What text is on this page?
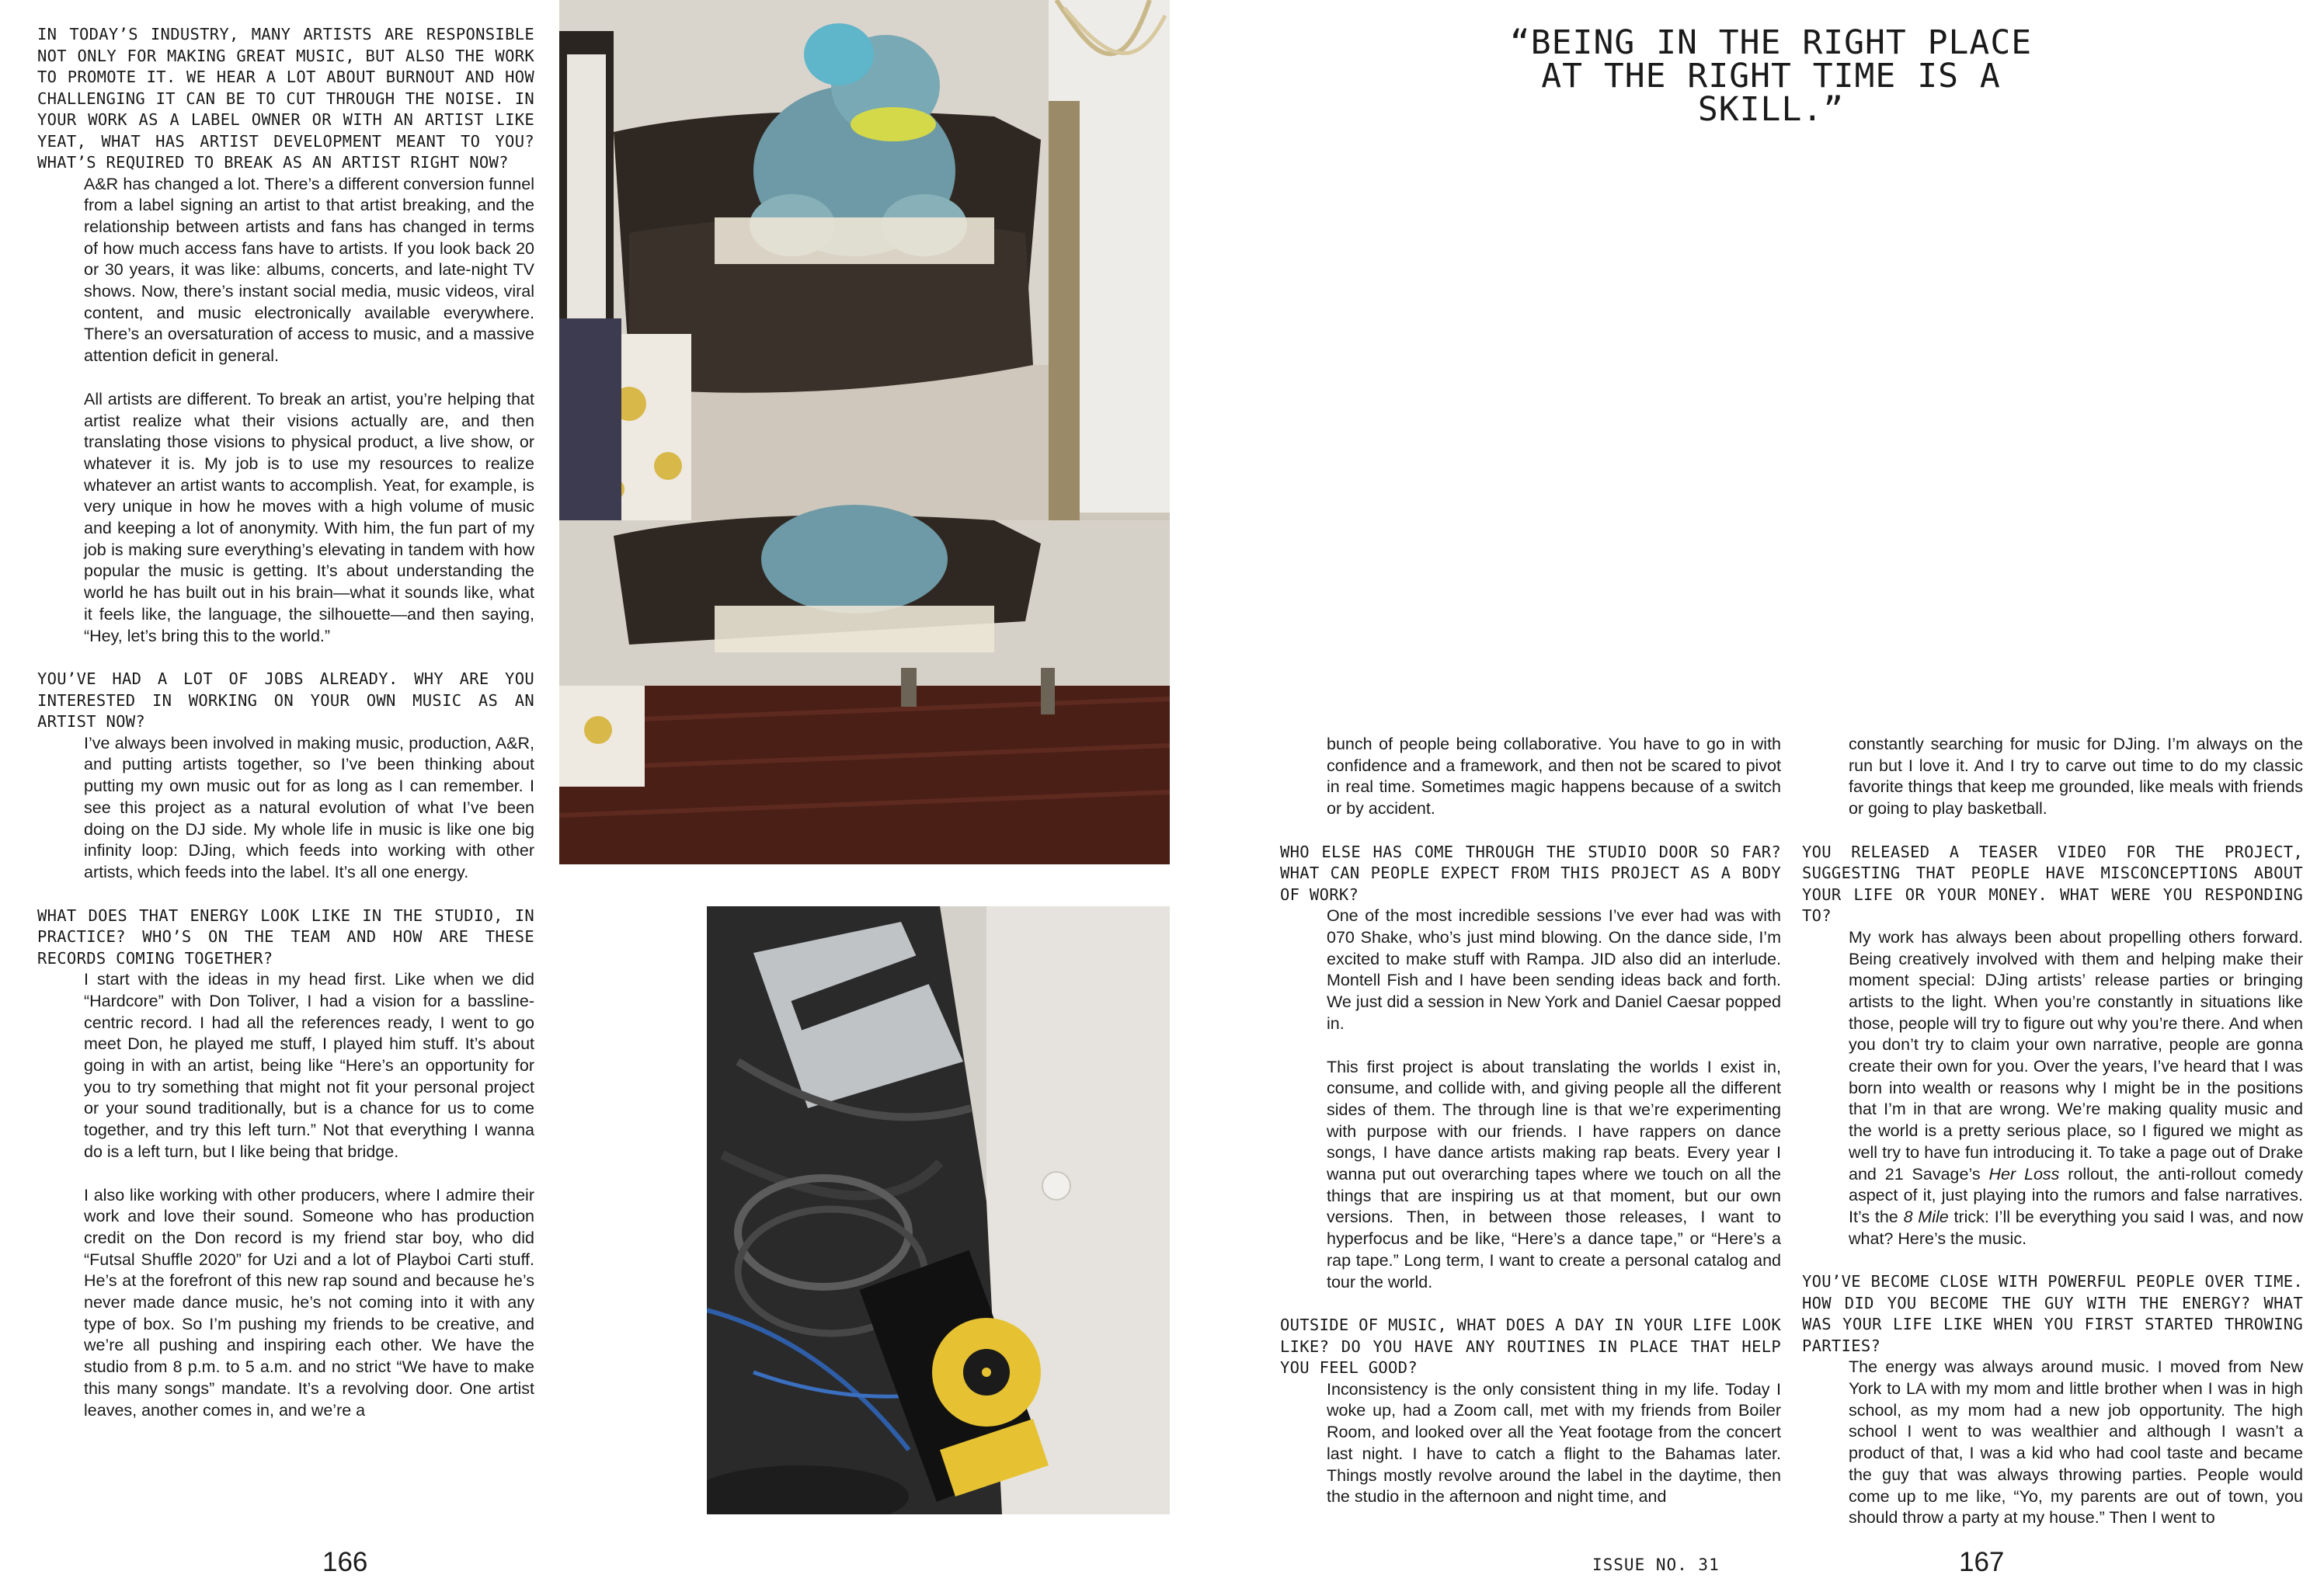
IN TODAY’S INDUSTRY, MANY ARTISTS ARE RESPONSIBLE NOT ONLY FOR MAKING GREAT MUSIC, BUT ALSO THE WORK TO PROMOTE IT. WE HEAR A LOT ABOUT BURNOUT AND HOW CHALLENGING IT CAN BE TO CUT THROUGH THE NOISE. IN YOUR WORK AS A LABEL OWNER OR WITH AN ARTIST LIKE YEAT, WHAT HAS ARTIST DEVELOPMENT MEANT TO YOU? WHAT’S REQUIRED TO BREAK AS AN ARTIST RIGHT NOW?

A&R has changed a lot. There’s a different conversion funnel from a label signing an artist to that artist breaking, and the relationship between artists and fans has changed in terms of how much access fans have to artists. If you look back 20 or 30 years, it was like: albums, concerts, and late-night TV shows. Now, there’s instant social media, music videos, viral content, and music electronically available everywhere. There’s an oversaturation of access to music, and a massive attention deficit in general.

All artists are different. To break an artist, you’re helping that artist realize what their visions actually are, and then translating those visions to physical product, a live show, or whatever it is. My job is to use my resources to realize whatever an artist wants to accomplish. Yeat, for example, is very unique in how he moves with a high volume of music and keeping a lot of anonymity. With him, the fun part of my job is making sure everything’s elevating in tandem with how popular the music is getting. It’s about understanding the world he has built out in his brain—what it sounds like, what it feels like, the language, the silhouette—and then saying, “Hey, let’s bring this to the world.”

YOU’VE HAD A LOT OF JOBS ALREADY. WHY ARE YOU INTERESTED IN WORKING ON YOUR OWN MUSIC AS AN ARTIST NOW?

I’ve always been involved in making music, production, A&R, and putting artists together, so I’ve been thinking about putting my own music out for as long as I can remember. I see this project as a natural evolution of what I’ve been doing on the DJ side. My whole life in music is like one big infinity loop: DJing, which feeds into working with other artists, which feeds into the label. It’s all one energy.

WHAT DOES THAT ENERGY LOOK LIKE IN THE STUDIO, IN PRACTICE? WHO’S ON THE TEAM AND HOW ARE THESE RECORDS COMING TOGETHER?

I start with the ideas in my head first. Like when we did “Hardcore” with Don Toliver, I had a vision for a bassline-centric record. I had all the references ready, I went to go meet Don, he played me stuff, I played him stuff. It’s about going in with an artist, being like “Here’s an opportunity for you to try something that might not fit your personal project or your sound traditionally, but is a chance for us to come together, and try this left turn.” Not that everything I wanna do is a left turn, but I like being that bridge.

I also like working with other producers, where I admire their work and love their sound. Someone who has production credit on the Don record is my friend star boy, who did “Futsal Shuffle 2020” for Uzi and a lot of Playboi Carti stuff. He’s at the forefront of this new rap sound and because he’s never made dance music, he’s not coming into it with any type of box. So I’m pushing my friends to be creative, and we’re all pushing and inspiring each other. We have the studio from 8 p.m. to 5 a.m. and no strict “We have to make this many songs” mandate. It’s a revolving door. One artist leaves, another comes in, and we’re a

“BEING IN THE RIGHT PLACE
AT THE RIGHT TIME IS A SKILL.”

bunch of people being collaborative. You have to go in with confidence and a framework, and then not be scared to pivot in real time. Sometimes magic happens because of a switch or by accident.

WHO ELSE HAS COME THROUGH THE STUDIO DOOR SO FAR? WHAT CAN PEOPLE EXPECT FROM THIS PROJECT AS A BODY OF WORK?

One of the most incredible sessions I’ve ever had was with 070 Shake, who’s just mind blowing. On the dance side, I’m excited to make stuff with Rampa. JID also did an interlude. Montell Fish and I have been sending ideas back and forth. We just did a session in New York and Daniel Caesar popped in.

This first project is about translating the worlds I exist in, consume, and collide with, and giving people all the different sides of them. The through line is that we’re experimenting with purpose with our friends. I have rappers on dance songs, I have dance artists making rap beats. Every year I wanna put out overarching tapes where we touch on all the things that are inspiring us at that moment, but our own versions. Then, in between those releases, I want to hyperfocus and be like, “Here’s a dance tape,” or “Here’s a rap tape.” Long term, I want to create a personal catalog and tour the world.

OUTSIDE OF MUSIC, WHAT DOES A DAY IN YOUR LIFE LOOK LIKE? DO YOU HAVE ANY ROUTINES IN PLACE THAT HELP YOU FEEL GOOD?

Inconsistency is the only consistent thing in my life. Today I woke up, had a Zoom call, met with my friends from Boiler Room, and looked over all the Yeat footage from the concert last night. I have to catch a flight to the Bahamas later. Things mostly revolve around the label in the daytime, then the studio in the afternoon and night time, and

constantly searching for music for DJing. I’m always on the run but I love it. And I try to carve out time to do my classic favorite things that keep me grounded, like meals with friends or going to play basketball.

YOU RELEASED A TEASER VIDEO FOR THE PROJECT, SUGGESTING THAT PEOPLE HAVE MISCONCEPTIONS ABOUT YOUR LIFE OR YOUR MONEY. WHAT WERE YOU RESPONDING TO?

My work has always been about propelling others forward. Being creatively involved with them and helping make their moment special: DJing artists’ release parties or bringing artists to the light. When you’re constantly in situations like those, people will try to figure out why you’re there. And when you don’t try to claim your own narrative, people are gonna create their own for you. Over the years, I’ve heard that I was born into wealth or reasons why I might be in the positions that I’m in that are wrong. We’re making quality music and the world is a pretty serious place, so I figured we might as well try to have fun introducing it. To take a page out of Drake and 21 Savage’s Her Loss rollout, the anti-rollout comedy aspect of it, just playing into the rumors and false narratives. It’s the 8 Mile trick: I’ll be everything you said I was, and now what? Here’s the music.

YOU’VE BECOME CLOSE WITH POWERFUL PEOPLE OVER TIME. HOW DID YOU BECOME THE GUY WITH THE ENERGY? WHAT WAS YOUR LIFE LIKE WHEN YOU FIRST STARTED THROWING PARTIES?

The energy was always around music. I moved from New York to LA with my mom and little brother when I was in high school, as my mom had a new job opportunity. The high school I went to was wealthier and although I wasn’t a product of that, I was a kid who had cool taste and became the guy that was always throwing parties. People would come up to me like, “Yo, my parents are out of town, you should throw a party at my house.” Then I went to

166	ISSUE NO. 31	167
